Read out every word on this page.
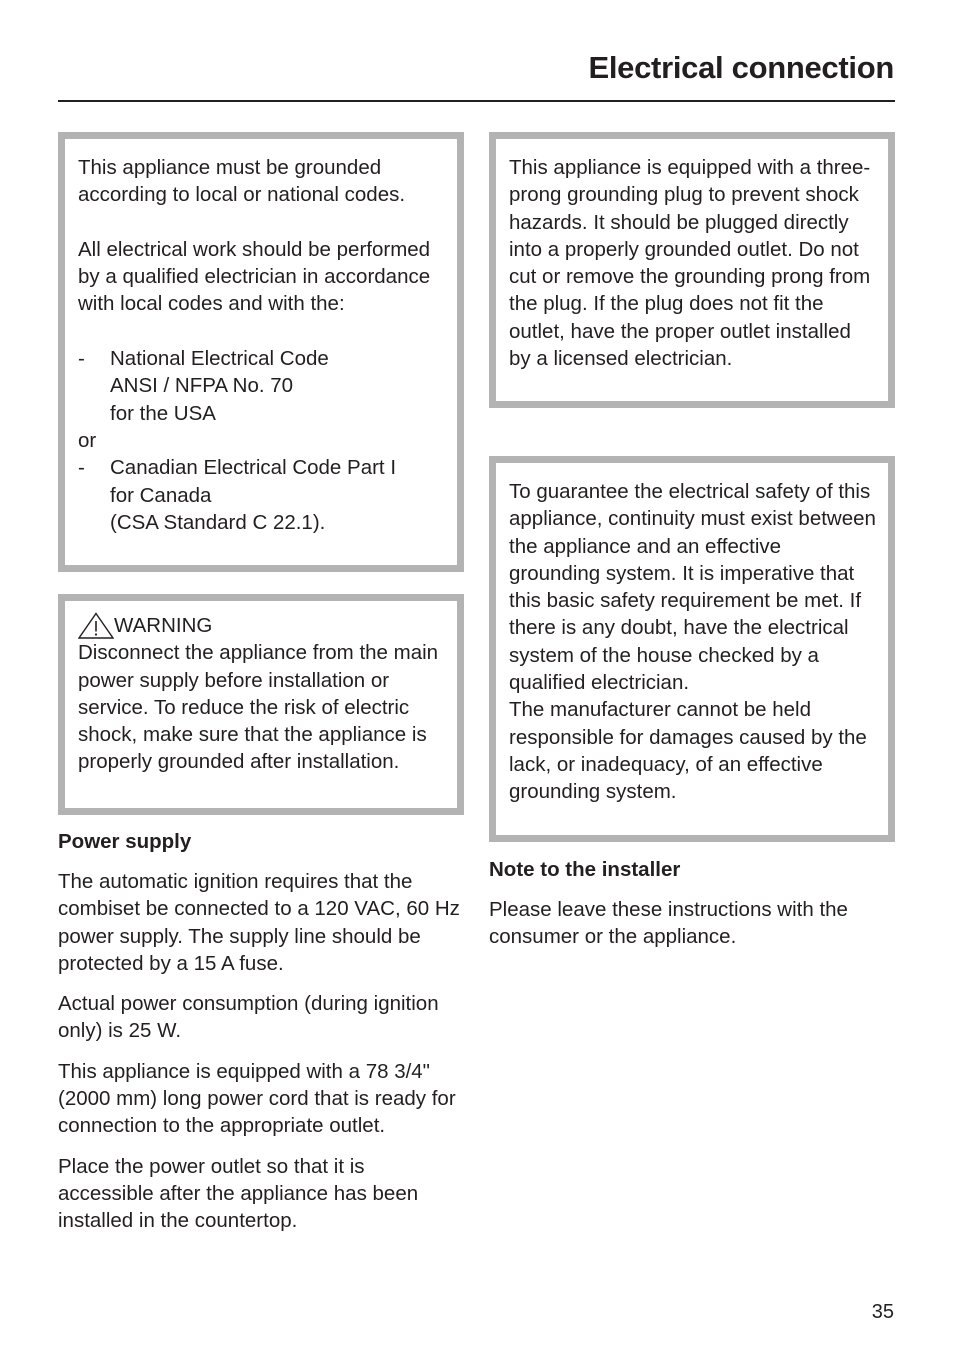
Electrical connection

This appliance must be grounded according to local or national codes.

All electrical work should be performed by a qualified electrician in accordance with local codes and with the:

- National Electrical Code
ANSI / NFPA No. 70
for the USA
or
- Canadian Electrical Code Part I
for Canada
(CSA Standard C 22.1).
WARNING

Disconnect the appliance from the main power supply before installation or service. To reduce the risk of electric shock, make sure that the appliance is properly grounded after installation.

Power supply

The automatic ignition requires that the combiset be connected to a 120 VAC, 60 Hz power supply. The supply line should be protected by a 15 A fuse.

Actual power consumption (during ignition only) is 25 W.

This appliance is equipped with a 78 3/4" (2000 mm) long power cord that is ready for connection to the appropriate outlet.

Place the power outlet so that it is accessible after the appliance has been installed in the countertop.

This appliance is equipped with a three-prong grounding plug to prevent shock hazards. It should be plugged directly into a properly grounded outlet. Do not cut or remove the grounding prong from the plug. If the plug does not fit the outlet, have the proper outlet installed by a licensed electrician.

To guarantee the electrical safety of this appliance, continuity must exist between the appliance and an effective grounding system. It is imperative that this basic safety requirement be met. If there is any doubt, have the electrical system of the house checked by a qualified electrician.

The manufacturer cannot be held responsible for damages caused by the lack, or inadequacy, of an effective grounding system.

Note to the installer

Please leave these instructions with the consumer or the appliance.

35
